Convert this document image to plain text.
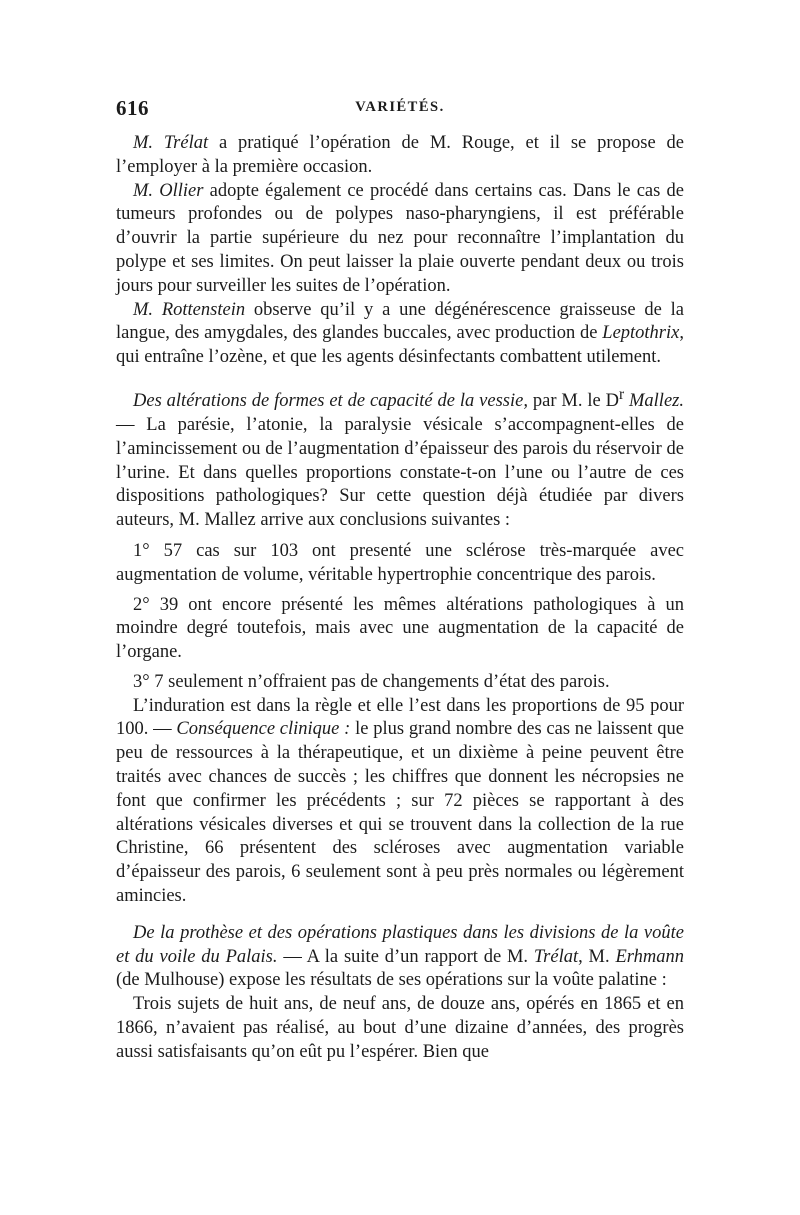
616	VARIÉTÉS.

M. Trélat a pratiqué l’opération de M. Rouge, et il se propose de l’employer à la première occasion.

M. Ollier adopte également ce procédé dans certains cas. Dans le cas de tumeurs profondes ou de polypes naso-pharyngiens, il est préférable d’ouvrir la partie supérieure du nez pour reconnaître l’implantation du polype et ses limites. On peut laisser la plaie ouverte pendant deux ou trois jours pour surveiller les suites de l’opération.

M. Rottenstein observe qu’il y a une dégénérescence graisseuse de la langue, des amygdales, des glandes buccales, avec production de Leptothrix, qui entraîne l’ozène, et que les agents désinfectants combattent utilement.

Des altérations de formes et de capacité de la vessie, par M. le $D^r$ Mallez. — La parésie, l’atonie, la paralysie vésicale s’accompagnent-elles de l’amincissement ou de l’augmentation d’épaisseur des parois du réservoir de l’urine. Et dans quelles proportions constate-t-on l’une ou l’autre de ces dispositions pathologiques? Sur cette question déjà étudiée par divers auteurs, M. Mallez arrive aux conclusions suivantes :

1° 57 cas sur 103 ont presenté une sclérose très-marquée avec augmentation de volume, véritable hypertrophie concentrique des parois.

2° 39 ont encore présenté les mêmes altérations pathologiques à un moindre degré toutefois, mais avec une augmentation de la capacité de l’organe.

3° 7 seulement n’offraient pas de changements d’état des parois.

L’induration est dans la règle et elle l’est dans les proportions de 95 pour 100. — Conséquence clinique : le plus grand nombre des cas ne laissent que peu de ressources à la thérapeutique, et un dixième à peine peuvent être traités avec chances de succès ; les chiffres que donnent les nécropsies ne font que confirmer les précédents ; sur 72 pièces se rapportant à des altérations vésicales diverses et qui se trouvent dans la collection de la rue Christine, 66 présentent des scléroses avec augmentation variable d’épaisseur des parois, 6 seulement sont à peu près normales ou légèrement amincies.

De la prothèse et des opérations plastiques dans les divisions de la voûte et du voile du Palais. — A la suite d’un rapport de M. Trélat, M. Erhmann (de Mulhouse) expose les résultats de ses opérations sur la voûte palatine :

Trois sujets de huit ans, de neuf ans, de douze ans, opérés en 1865 et en 1866, n’avaient pas réalisé, au bout d’une dizaine d’années, des progrès aussi satisfaisants qu’on eût pu l’espérer. Bien que
